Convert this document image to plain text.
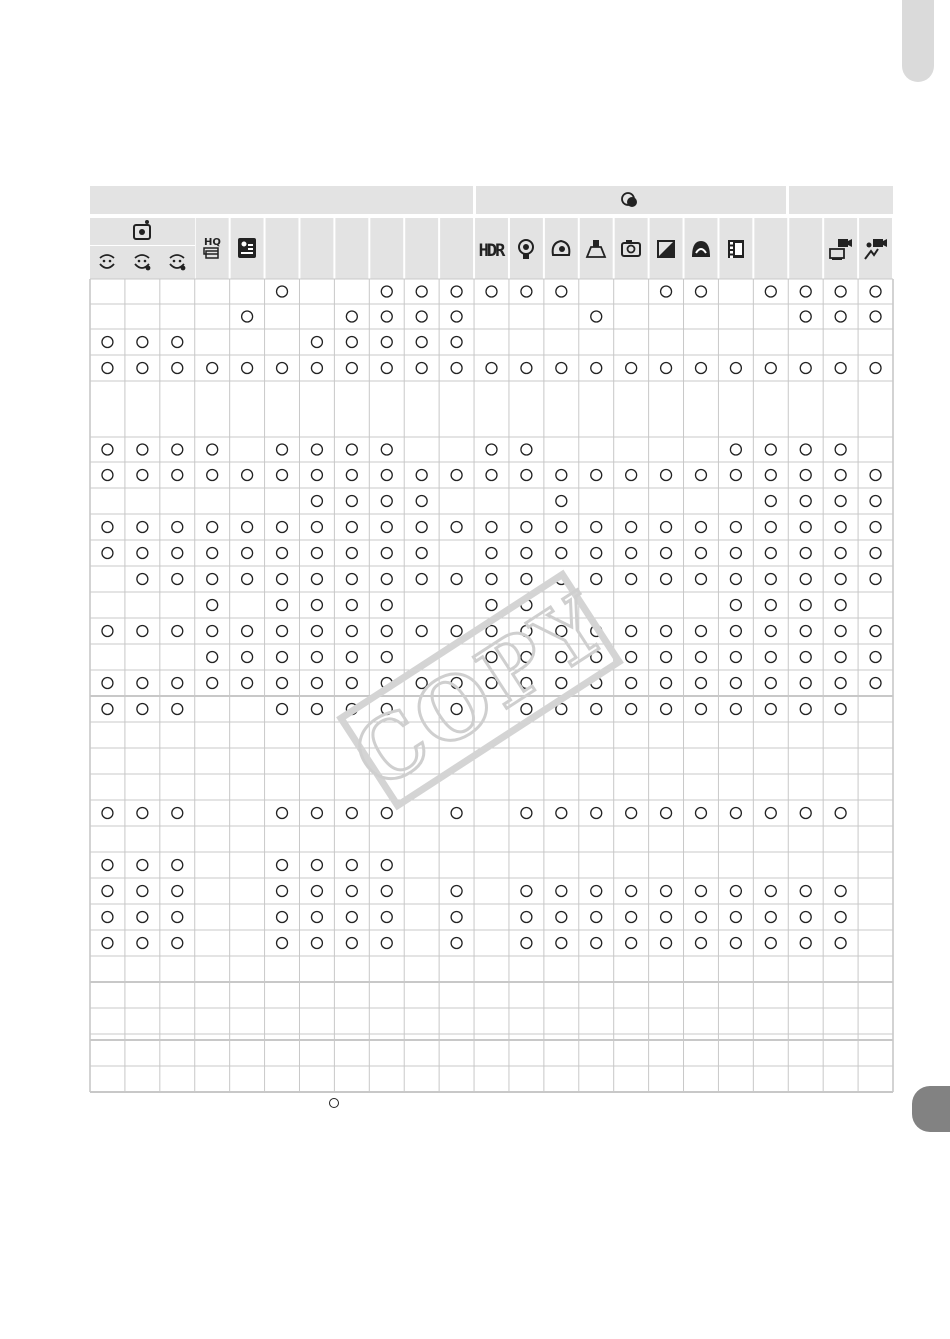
HQ	HDR
COPY
